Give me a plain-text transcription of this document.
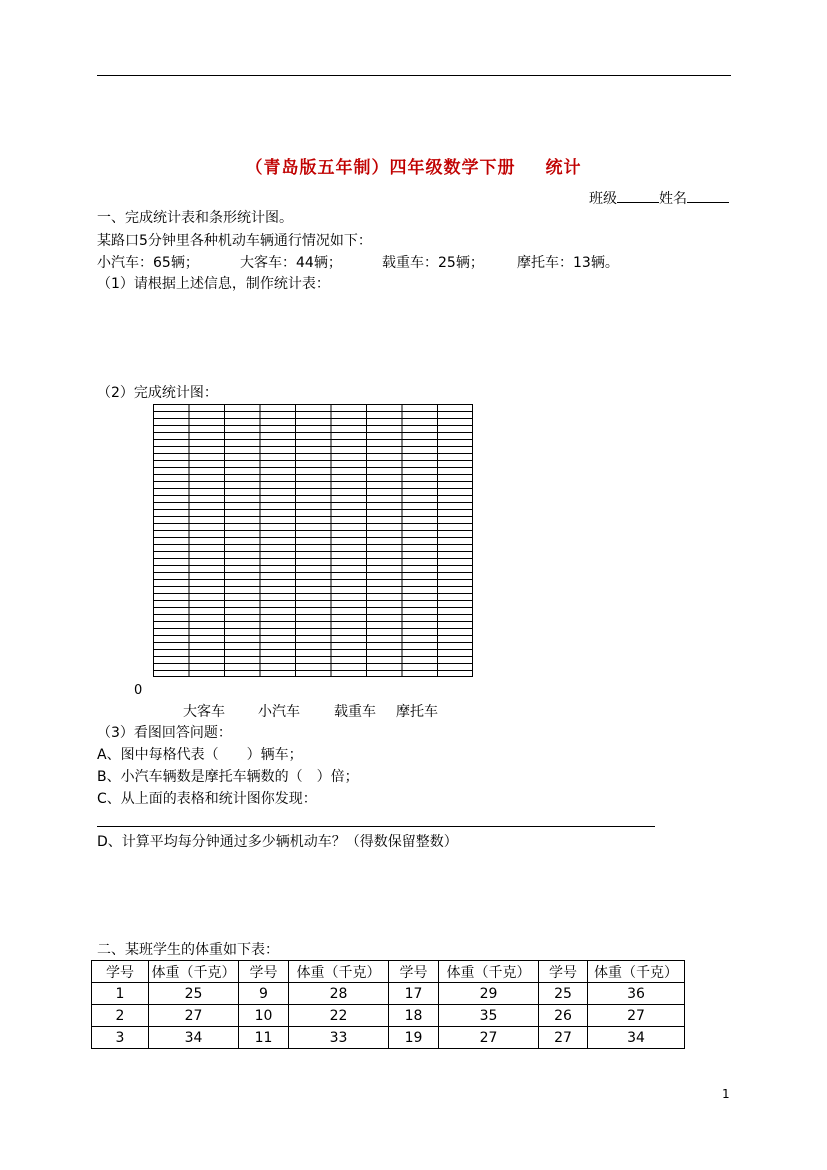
（青岛版五年制）四年级数学下册 统计
班级	姓名
一、完成统计表和条形统计图。
某路口5分钟里各种机动车辆通行情况如下：
小汽车：65辆；	大客车：44辆；	载重车：25辆； 摩托车：13辆。
（1）请根据上述信息，制作统计表：
（2）完成统计图：
0
大客车 小汽车 载重车 摩托车
（3）看图回答问题：
A、图中每格代表（　　）辆车；
B、小汽车辆数是摩托车辆数的（　）倍；
C、从上面的表格和统计图你发现：
D、计算平均每分钟通过多少辆机动车？（得数保留整数）
二、某班学生的体重如下表：
学号	体重（千克）	学号	体重（千克）	学号	体重（千克）	学号	体重（千克）
1	25	9	28	17	29	25	36
2	27	10	22	18	35	26	27
3	34	11	33	19	27	27	34
1
